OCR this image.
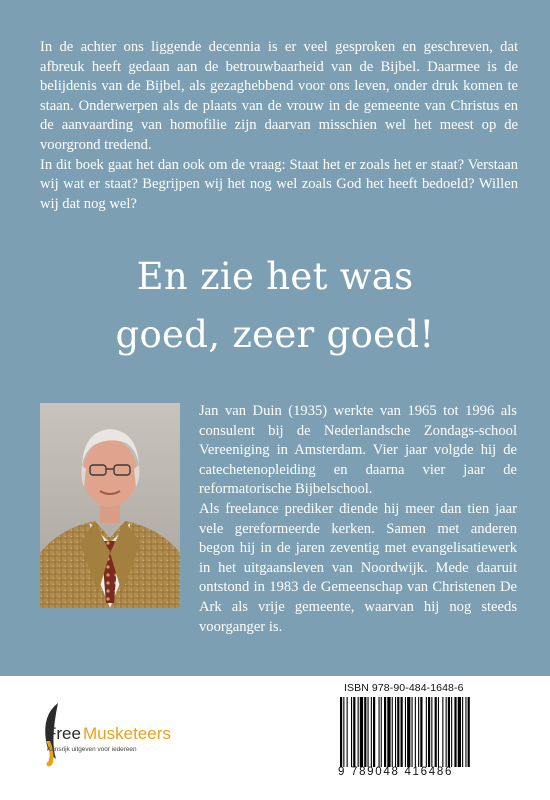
In de achter ons liggende decennia is er veel gesproken en geschreven, dat afbreuk heeft gedaan aan de betrouwbaarheid van de Bijbel. Daarmee is de belijdenis van de Bijbel, als gezaghebbend voor ons leven, onder druk komen te staan. Onderwerpen als de plaats van de vrouw in de gemeente van Christus en de aanvaarding van homofilie zijn daarvan misschien wel het meest op de voorgrond tredend.

In dit boek gaat het dan ook om de vraag: Staat het er zoals het er staat? Verstaan wij wat er staat? Begrijpen wij het nog wel zoals God het heeft bedoeld? Willen wij dat nog wel?

En zie het was
goed, zeer goed!

Jan van Duin (1935) werkte van 1965 tot 1996 als consulent bij de Nederlandsche Zondags-school Vereeniging in Amsterdam. Vier jaar volgde hij de catechetenopleiding en daarna vier jaar de reformatorische Bijbelschool.

Als freelance prediker diende hij meer dan tien jaar vele gereformeerde kerken. Samen met anderen begon hij in de jaren zeventig met evangelisatiewerk in het uitgaansleven van Noordwijk. Mede daaruit ontstond in 1983 de Gemeenschap van Christenen De Ark als vrije gemeente, waarvan hij nog steeds voorganger is.

Free Musketeers
Kansrijk uitgeven voor iedereen
ISBN 978-90-484-1648-6
9 789048 416486
